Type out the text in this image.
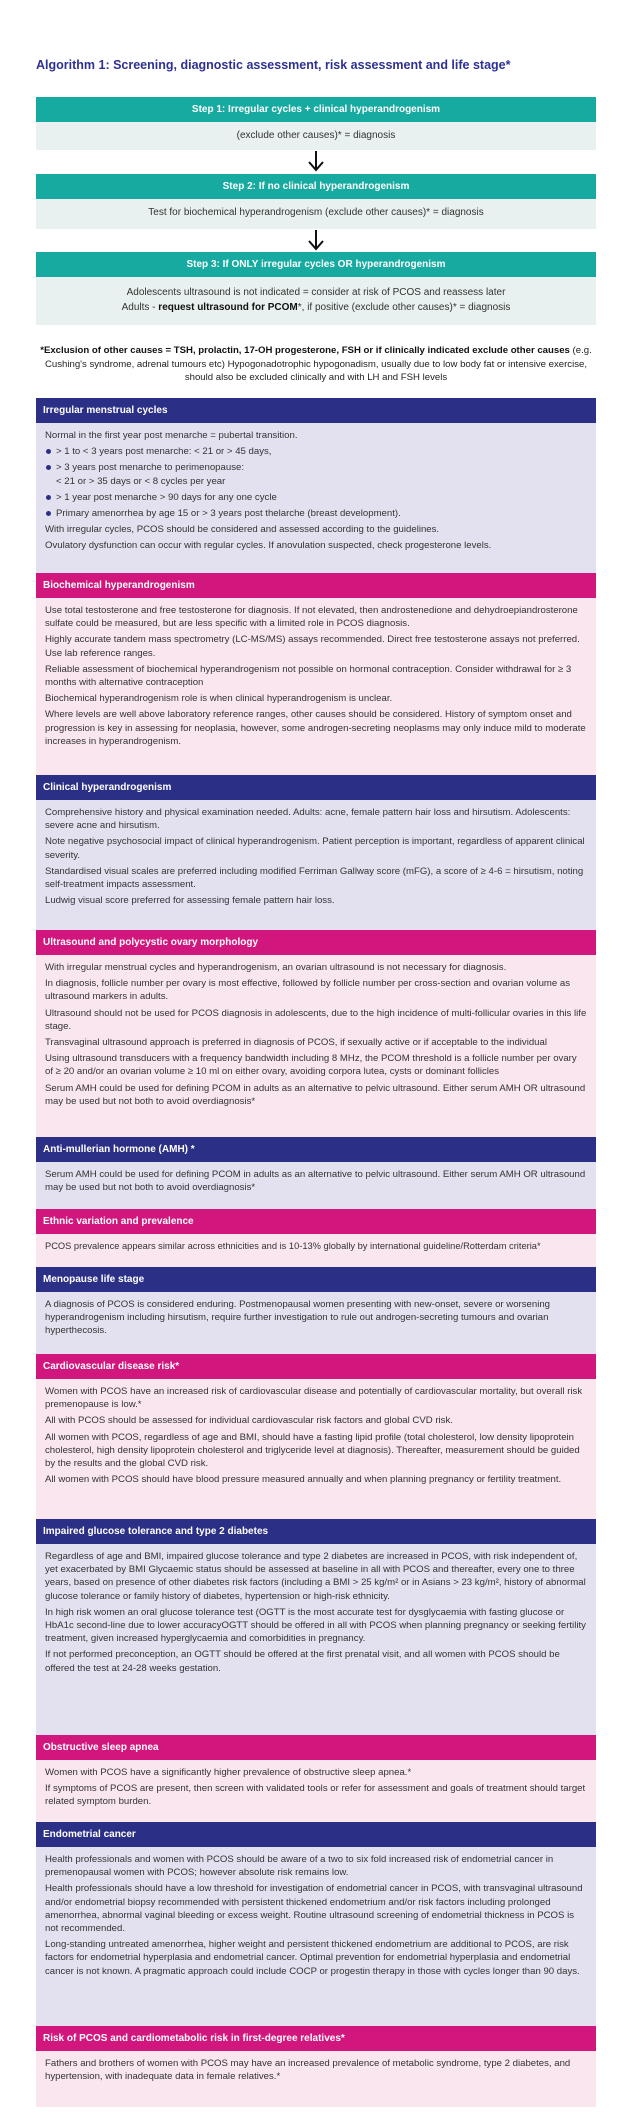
Algorithm 1: Screening, diagnostic assessment, risk assessment and life stage*
Step 1: Irregular cycles + clinical hyperandrogenism
(exclude other causes)* = diagnosis
Step 2: If no clinical hyperandrogenism
Test for biochemical hyperandrogenism (exclude other causes)* = diagnosis
Step 3: If ONLY irregular cycles OR hyperandrogenism
Adolescents ultrasound is not indicated = consider at risk of PCOS and reassess later
Adults - request ultrasound for PCOM*, if positive (exclude other causes)* = diagnosis
*Exclusion of other causes = TSH, prolactin, 17-OH progesterone, FSH or if clinically indicated exclude other causes (e.g. Cushing's syndrome, adrenal tumours etc) Hypogonadotrophic hypogonadism, usually due to low body fat or intensive exercise, should also be excluded clinically and with LH and FSH levels
Irregular menstrual cycles

Normal in the first year post menarche = pubertal transition.

> 1 to < 3 years post menarche: < 21 or > 45 days,
> 3 years post menarche to perimenopause:
< 21 or > 35 days or < 8 cycles per year
> 1 year post menarche > 90 days for any one cycle
Primary amenorrhea by age 15 or > 3 years post thelarche (breast development).

With irregular cycles, PCOS should be considered and assessed according to the guidelines.

Ovulatory dysfunction can occur with regular cycles. If anovulation suspected, check progesterone levels.

Biochemical hyperandrogenism

Use total testosterone and free testosterone for diagnosis. If not elevated, then androstenedione and dehydroepiandrosterone sulfate could be measured, but are less specific with a limited role in PCOS diagnosis.

Highly accurate tandem mass spectrometry (LC-MS/MS) assays recommended. Direct free testosterone assays not preferred. Use lab reference ranges.

Reliable assessment of biochemical hyperandrogenism not possible on hormonal contraception. Consider withdrawal for ≥ 3 months with alternative contraception

Biochemical hyperandrogenism role is when clinical hyperandrogenism is unclear.

Where levels are well above laboratory reference ranges, other causes should be considered. History of symptom onset and progression is key in assessing for neoplasia, however, some androgen-secreting neoplasms may only induce mild to moderate increases in hyperandrogenism.

Clinical hyperandrogenism

Comprehensive history and physical examination needed. Adults: acne, female pattern hair loss and hirsutism. Adolescents: severe acne and hirsutism.

Note negative psychosocial impact of clinical hyperandrogenism. Patient perception is important, regardless of apparent clinical severity.

Standardised visual scales are preferred including modified Ferriman Gallway score (mFG), a score of ≥ 4-6 = hirsutism, noting self-treatment impacts assessment.

Ludwig visual score preferred for assessing female pattern hair loss.

Ultrasound and polycystic ovary morphology

With irregular menstrual cycles and hyperandrogenism, an ovarian ultrasound is not necessary for diagnosis.

In diagnosis, follicle number per ovary is most effective, followed by follicle number per cross-section and ovarian volume as ultrasound markers in adults.

Ultrasound should not be used for PCOS diagnosis in adolescents, due to the high incidence of multi-follicular ovaries in this life stage.

Transvaginal ultrasound approach is preferred in diagnosis of PCOS, if sexually active or if acceptable to the individual

Using ultrasound transducers with a frequency bandwidth including 8 MHz, the PCOM threshold is a follicle number per ovary of ≥ 20 and/or an ovarian volume ≥ 10 ml on either ovary, avoiding corpora lutea, cysts or dominant follicles

Serum AMH could be used for defining PCOM in adults as an alternative to pelvic ultrasound. Either serum AMH OR ultrasound may be used but not both to avoid overdiagnosis*

Anti-mullerian hormone (AMH) *

Serum AMH could be used for defining PCOM in adults as an alternative to pelvic ultrasound. Either serum AMH OR ultrasound may be used but not both to avoid overdiagnosis*

Ethnic variation and prevalence

PCOS prevalence appears similar across ethnicities and is 10-13% globally by international guideline/Rotterdam criteria*

Menopause life stage

A diagnosis of PCOS is considered enduring. Postmenopausal women presenting with new-onset, severe or worsening hyperandrogenism including hirsutism, require further investigation to rule out androgen-secreting tumours and ovarian hyperthecosis.

Cardiovascular disease risk*

Women with PCOS have an increased risk of cardiovascular disease and potentially of cardiovascular mortality, but overall risk premenopause is low.*

All with PCOS should be assessed for individual cardiovascular risk factors and global CVD risk.

All women with PCOS, regardless of age and BMI, should have a fasting lipid profile (total cholesterol, low density lipoprotein cholesterol, high density lipoprotein cholesterol and triglyceride level at diagnosis). Thereafter, measurement should be guided by the results and the global CVD risk.

All women with PCOS should have blood pressure measured annually and when planning pregnancy or fertility treatment.

Impaired glucose tolerance and type 2 diabetes

Regardless of age and BMI, impaired glucose tolerance and type 2 diabetes are increased in PCOS, with risk independent of, yet exacerbated by BMI Glycaemic status should be assessed at baseline in all with PCOS and thereafter, every one to three years, based on presence of other diabetes risk factors (including a BMI > 25 kg/m² or in Asians > 23 kg/m², history of abnormal glucose tolerance or family history of diabetes, hypertension or high-risk ethnicity.

In high risk women an oral glucose tolerance test (OGTT is the most accurate test for dysglycaemia with fasting glucose or HbA1c second-line due to lower accuracyOGTT should be offered in all with PCOS when planning pregnancy or seeking fertility treatment, given increased hyperglycaemia and comorbidities in pregnancy.

If not performed preconception, an OGTT should be offered at the first prenatal visit, and all women with PCOS should be offered the test at 24-28 weeks gestation.

Obstructive sleep apnea

Women with PCOS have a significantly higher prevalence of obstructive sleep apnea.*

If symptoms of PCOS are present, then screen with validated tools or refer for assessment and goals of treatment should target related symptom burden.

Endometrial cancer

Health professionals and women with PCOS should be aware of a two to six fold increased risk of endometrial cancer in premenopausal women with PCOS; however absolute risk remains low.

Health professionals should have a low threshold for investigation of endometrial cancer in PCOS, with transvaginal ultrasound and/or endometrial biopsy recommended with persistent thickened endometrium and/or risk factors including prolonged amenorrhea, abnormal vaginal bleeding or excess weight. Routine ultrasound screening of endometrial thickness in PCOS is not recommended.

Long-standing untreated amenorrhea, higher weight and persistent thickened endometrium are additional to PCOS, are risk factors for endometrial hyperplasia and endometrial cancer. Optimal prevention for endometrial hyperplasia and endometrial cancer is not known. A pragmatic approach could include COCP or progestin therapy in those with cycles longer than 90 days.

Risk of PCOS and cardiometabolic risk in first-degree relatives*

Fathers and brothers of women with PCOS may have an increased prevalence of metabolic syndrome, type 2 diabetes, and hypertension, with inadequate data in female relatives.*
